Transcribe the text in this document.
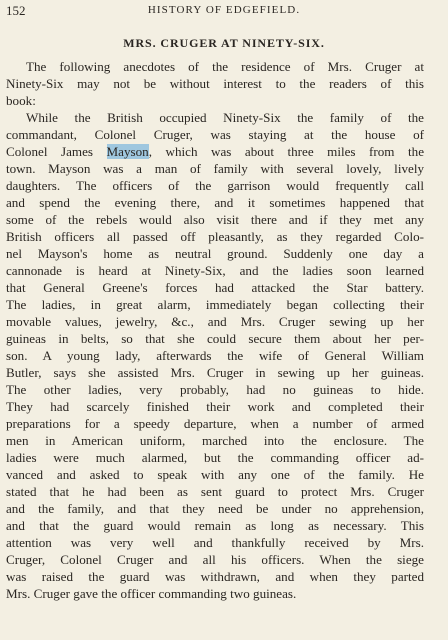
152	HISTORY OF EDGEFIELD.
MRS. CRUGER AT NINETY-SIX.
The following anecdotes of the residence of Mrs. Cruger at
Ninety-Six may not be without interest to the readers of this
book:
While the British occupied Ninety-Six the family of the
commandant, Colonel Cruger, was staying at the house of
Colonel James Mayson, which was about three miles from the
town. Mayson was a man of family with several lovely, lively
daughters. The officers of the garrison would frequently call
and spend the evening there, and it sometimes happened that
some of the rebels would also visit there and if they met any
British officers all passed off pleasantly, as they regarded Colo-
nel Mayson's home as neutral ground. Suddenly one day a
cannonade is heard at Ninety-Six, and the ladies soon learned
that General Greene's forces had attacked the Star battery.
The ladies, in great alarm, immediately began collecting their
movable values, jewelry, &c., and Mrs. Cruger sewing up her
guineas in belts, so that she could secure them about her per-
son. A young lady, afterwards the wife of General William
Butler, says she assisted Mrs. Cruger in sewing up her guineas.
The other ladies, very probably, had no guineas to hide.
They had scarcely finished their work and completed their
preparations for a speedy departure, when a number of armed
men in American uniform, marched into the enclosure. The
ladies were much alarmed, but the commanding officer ad-
vanced and asked to speak with any one of the family. He
stated that he had been as sent guard to protect Mrs. Cruger
and the family, and that they need be under no apprehension,
and that the guard would remain as long as necessary. This
attention was very well and thankfully received by Mrs.
Cruger, Colonel Cruger and all his officers. When the siege
was raised the guard was withdrawn, and when they parted
Mrs. Cruger gave the officer commanding two guineas.
